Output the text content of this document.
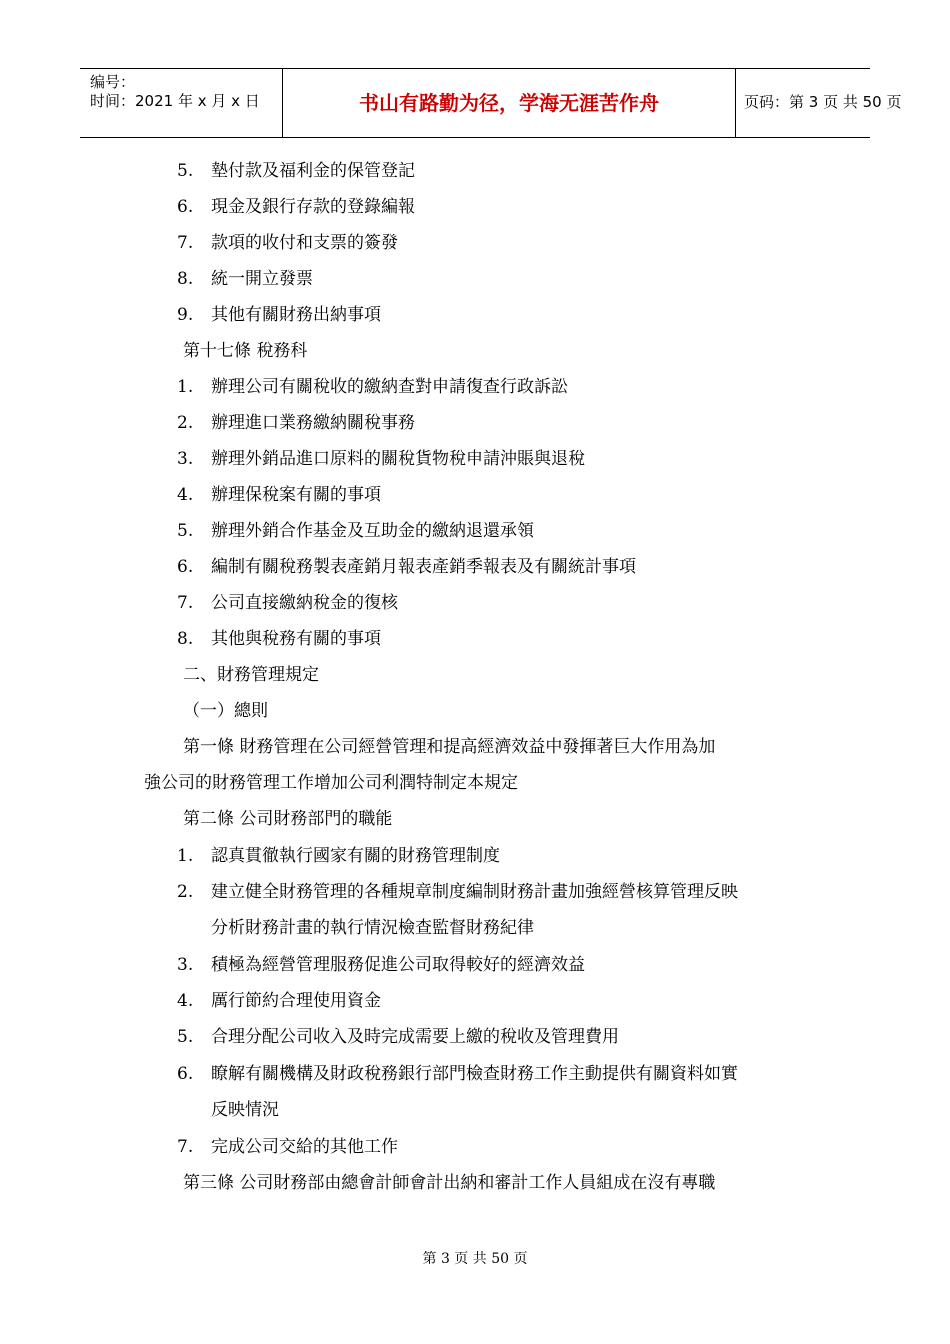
编号：
时间：2021 年 x 月 x 日	书山有路勤为径，学海无涯苦作舟	页码：第 3 页 共 50 页
5. 墊付款及福利金的保管登記
6. 現金及銀行存款的登錄編報
7. 款項的收付和支票的簽發
8. 統一開立發票
9. 其他有關財務出納事項
第十七條 稅務科
1. 辦理公司有關稅收的繳納查對申請復查行政訴訟
2. 辦理進口業務繳納關稅事務
3. 辦理外銷品進口原料的關稅貨物稅申請沖賬與退稅
4. 辦理保稅案有關的事項
5. 辦理外銷合作基金及互助金的繳納退還承領
6. 編制有關稅務製表產銷月報表產銷季報表及有關統計事項
7. 公司直接繳納稅金的復核
8. 其他與稅務有關的事項
二、財務管理規定
（一）總則
第一條 財務管理在公司經營管理和提高經濟效益中發揮著巨大作用為加
強公司的財務管理工作增加公司利潤特制定本規定
第二條 公司財務部門的職能
1. 認真貫徹執行國家有關的財務管理制度
2. 建立健全財務管理的各種規章制度編制財務計畫加強經營核算管理反映
分析財務計畫的執行情況檢查監督財務紀律
3. 積極為經營管理服務促進公司取得較好的經濟效益
4. 厲行節約合理使用資金
5. 合理分配公司收入及時完成需要上繳的稅收及管理費用
6. 瞭解有關機構及財政稅務銀行部門檢查財務工作主動提供有關資料如實
反映情況
7. 完成公司交給的其他工作
第三條 公司財務部由總會計師會計出納和審計工作人員組成在沒有專職
第 3 页 共 50 页
